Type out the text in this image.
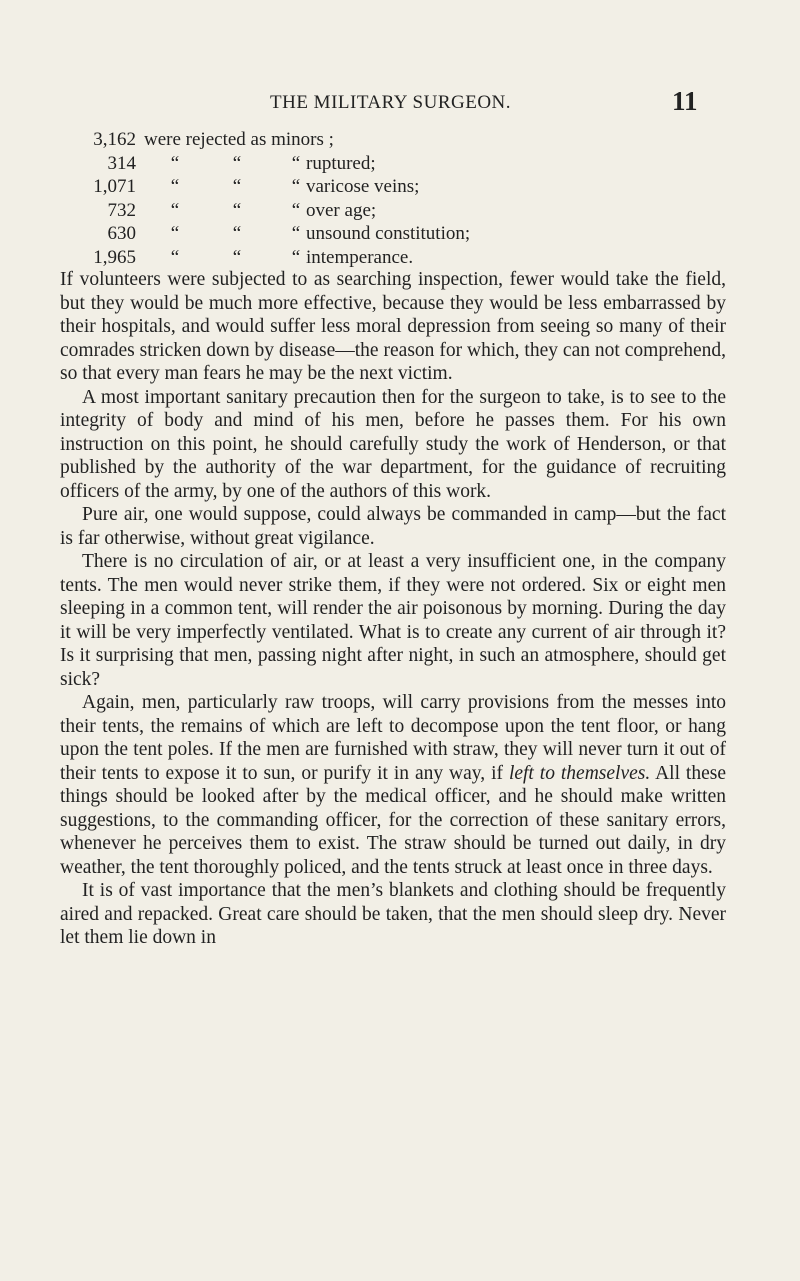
THE MILITARY SURGEON.	11
3,162 were rejected as minors ;
314 “	“	“ ruptured;
1,071 “	“	“ varicose veins;
732 “	“	“ over age;
630 “	“	“ unsound constitution;
1,965 “	“	“ intemperance.

If volunteers were subjected to as searching inspection, fewer would take the field, but they would be much more effective, because they would be less embarrassed by their hospitals, and would suffer less moral depression from seeing so many of their comrades stricken down by disease—the reason for which, they can not comprehend, so that every man fears he may be the next victim.

A most important sanitary precaution then for the surgeon to take, is to see to the integrity of body and mind of his men, before he passes them. For his own instruction on this point, he should carefully study the work of Henderson, or that published by the authority of the war department, for the guidance of recruiting officers of the army, by one of the authors of this work.

Pure air, one would suppose, could always be commanded in camp—but the fact is far otherwise, without great vigilance.

There is no circulation of air, or at least a very insufficient one, in the company tents. The men would never strike them, if they were not ordered. Six or eight men sleeping in a common tent, will render the air poisonous by morning. During the day it will be very imperfectly ventilated. What is to create any current of air through it? Is it surprising that men, passing night after night, in such an atmosphere, should get sick?

Again, men, particularly raw troops, will carry provisions from the messes into their tents, the remains of which are left to decompose upon the tent floor, or hang upon the tent poles. If the men are furnished with straw, they will never turn it out of their tents to expose it to sun, or purify it in any way, if left to themselves. All these things should be looked after by the medical officer, and he should make written suggestions, to the commanding officer, for the correction of these sanitary errors, whenever he perceives them to exist. The straw should be turned out daily, in dry weather, the tent thoroughly policed, and the tents struck at least once in three days.

It is of vast importance that the men’s blankets and clothing should be frequently aired and repacked. Great care should be taken, that the men should sleep dry. Never let them lie down in
